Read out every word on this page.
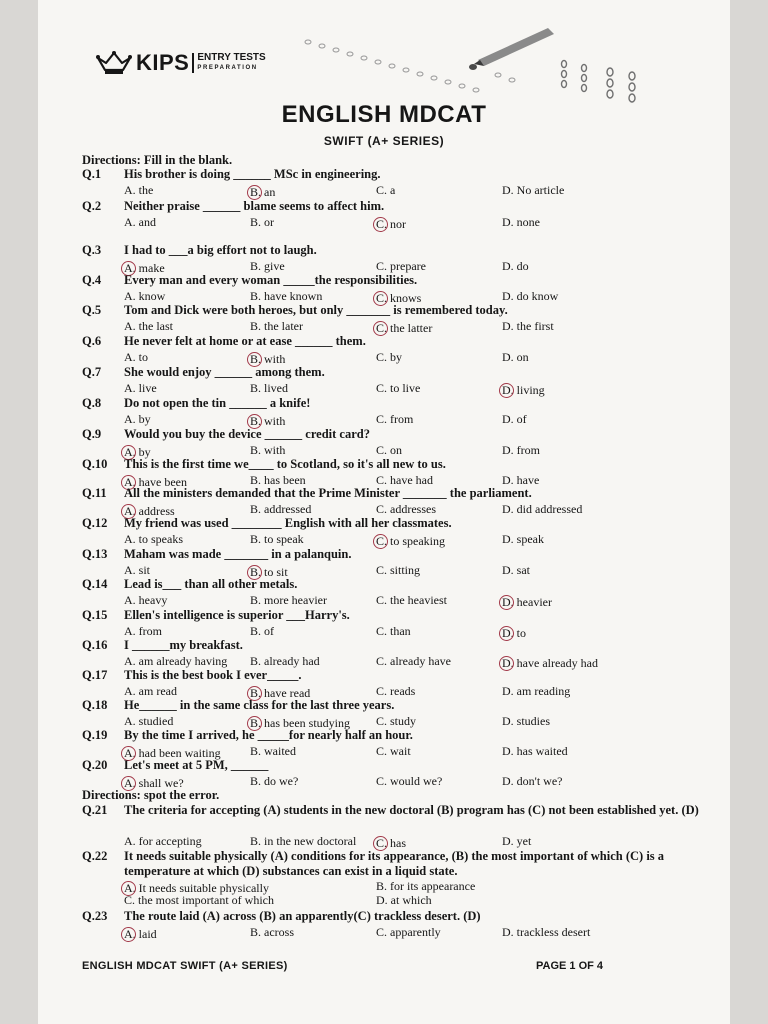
KIPS ENTRY TESTS
PREPARATION
ENGLISH MDCAT
SWIFT (A+ SERIES)
Directions: Fill in the blank.
Q.1 His brother is doing ______ MSc in engineering.
A. the	$_{B. an}$	C. a	D. No article
Q.2 Neither praise ______ blame seems to affect him.
A. and	B. or	$_{C. nor}$	D. none
Q.3 I had to ___a big effort not to laugh.
$_{A. make}$	B. give	C. prepare	D. do
Q.4 Every man and every woman _____the responsibilities.
A. know	B. have known	$_{C. knows}$	D. do know
Q.5 Tom and Dick were both heroes, but only _______ is remembered today.
A. the last	B. the later	$_{C. the latter}$	D. the first
Q.6 He never felt at home or at ease ______ them.
A. to	$_{B. with}$	C. by	D. on
Q.7 She would enjoy ______ among them.
A. live	B. lived	C. to live	$_{D. living}$
Q.8 Do not open the tin ______ a knife!
A. by	$_{B. with}$	C. from	D. of
Q.9 Would you buy the device ______ credit card?
$_{A. by}$	B. with	C. on	D. from
Q.10 This is the first time we____ to Scotland, so it's all new to us.
$_{A. have been}$	B. has been	C. have had	D. have
Q.11 All the ministers demanded that the Prime Minister _______ the parliament.
$_{A. address}$	B. addressed	C. addresses	D. did addressed
Q.12 My friend was used ________ English with all her classmates.
A. to speaks	B. to speak	$_{C. to speaking}$	D. speak
Q.13 Maham was made _______ in a palanquin.
A. sit	$_{B. to sit}$	C. sitting	D. sat
Q.14 Lead is___ than all other metals.
A. heavy	B. more heavier	C. the heaviest	$_{D. heavier}$
Q.15 Ellen's intelligence is superior ___Harry's.
A. from	B. of	C. than	$_{D. to}$
Q.16 I ______my breakfast.
A. am already having B. already had	C. already have	$_{D. have already had}$
Q.17 This is the best book I ever_____.
A. am read	$_{B. have read}$	C. reads	D. am reading
Q.18 He______ in the same class for the last three years.
A. studied	$_{B. has been studying}$ C. study	D. studies
Q.19 By the time I arrived, he _____for nearly half an hour.
$_{A. had been waiting}$ B. waited	C. wait	D. has waited
Q.20 Let's meet at 5 PM, ______
$_{A. shall we?}$	B. do we?	C. would we?	D. don't we?
Directions: spot the error.
Q.21 The criteria for accepting (A) students in the new doctoral (B) program has (C) not been established yet. (D)
A. for accepting	B. in the new doctoral $_{C. has}$	D. yet
Q.22 It needs suitable physically (A) conditions for its appearance, (B) the most important of which (C) is a temperature at which (D) substances can exist in a liquid state.
$_{A. It needs suitable physically}$	B. for its appearance
C. the most important of which	D. at which
Q.23 The route laid (A) across (B) an apparently(C) trackless desert. (D)
$_{A. laid}$	B. across	C. apparently	D. trackless desert
ENGLISH MDCAT SWIFT (A+ SERIES)	PAGE 1 OF 4
